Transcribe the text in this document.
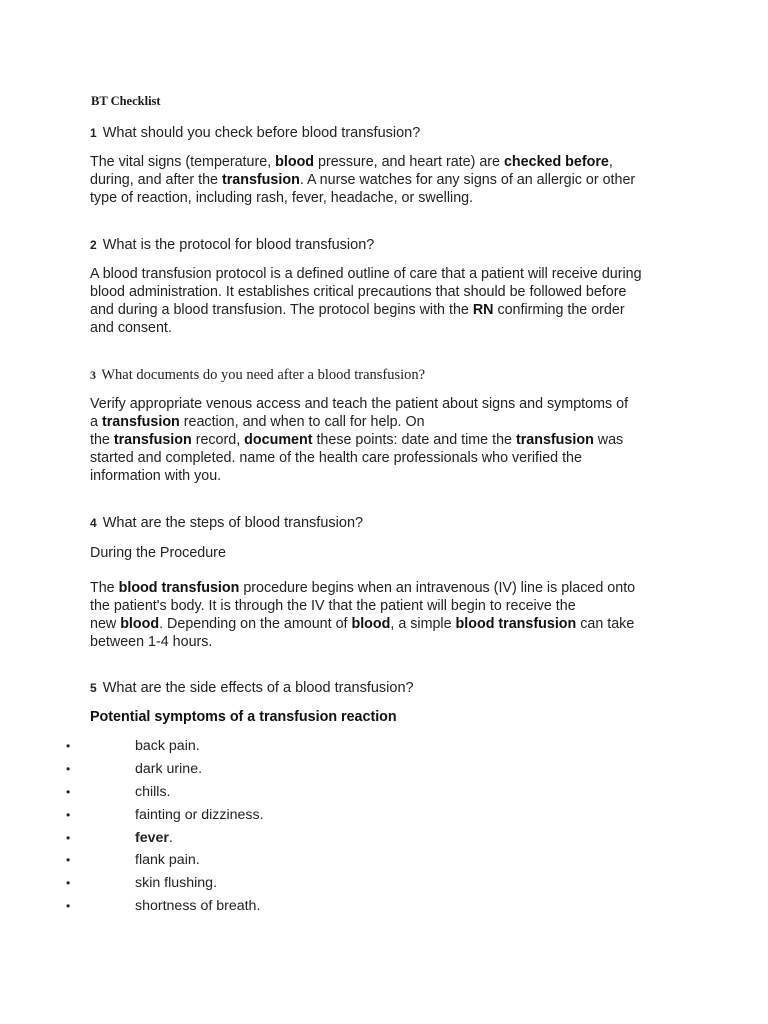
BT Checklist
1 What should you check before blood transfusion?
The vital signs (temperature, blood pressure, and heart rate) are checked before,
during, and after the transfusion. A nurse watches for any signs of an allergic or other
type of reaction, including rash, fever, headache, or swelling.
2 What is the protocol for blood transfusion?
A blood transfusion protocol is a defined outline of care that a patient will receive during
blood administration. It establishes critical precautions that should be followed before
and during a blood transfusion. The protocol begins with the RN confirming the order
and consent.
3 What documents do you need after a blood transfusion?
Verify appropriate venous access and teach the patient about signs and symptoms of
a transfusion reaction, and when to call for help. On
the transfusion record, document these points: date and time the transfusion was
started and completed. name of the health care professionals who verified the
information with you.
4 What are the steps of blood transfusion?
During the Procedure
The blood transfusion procedure begins when an intravenous (IV) line is placed onto
the patient's body. It is through the IV that the patient will begin to receive the
new blood. Depending on the amount of blood, a simple blood transfusion can take
between 1-4 hours.
5 What are the side effects of a blood transfusion?
Potential symptoms of a transfusion reaction
•	back pain.
•	dark urine.
•	chills.
•	fainting or dizziness.
•	fever.
•	flank pain.
•	skin flushing.
•	shortness of breath.
